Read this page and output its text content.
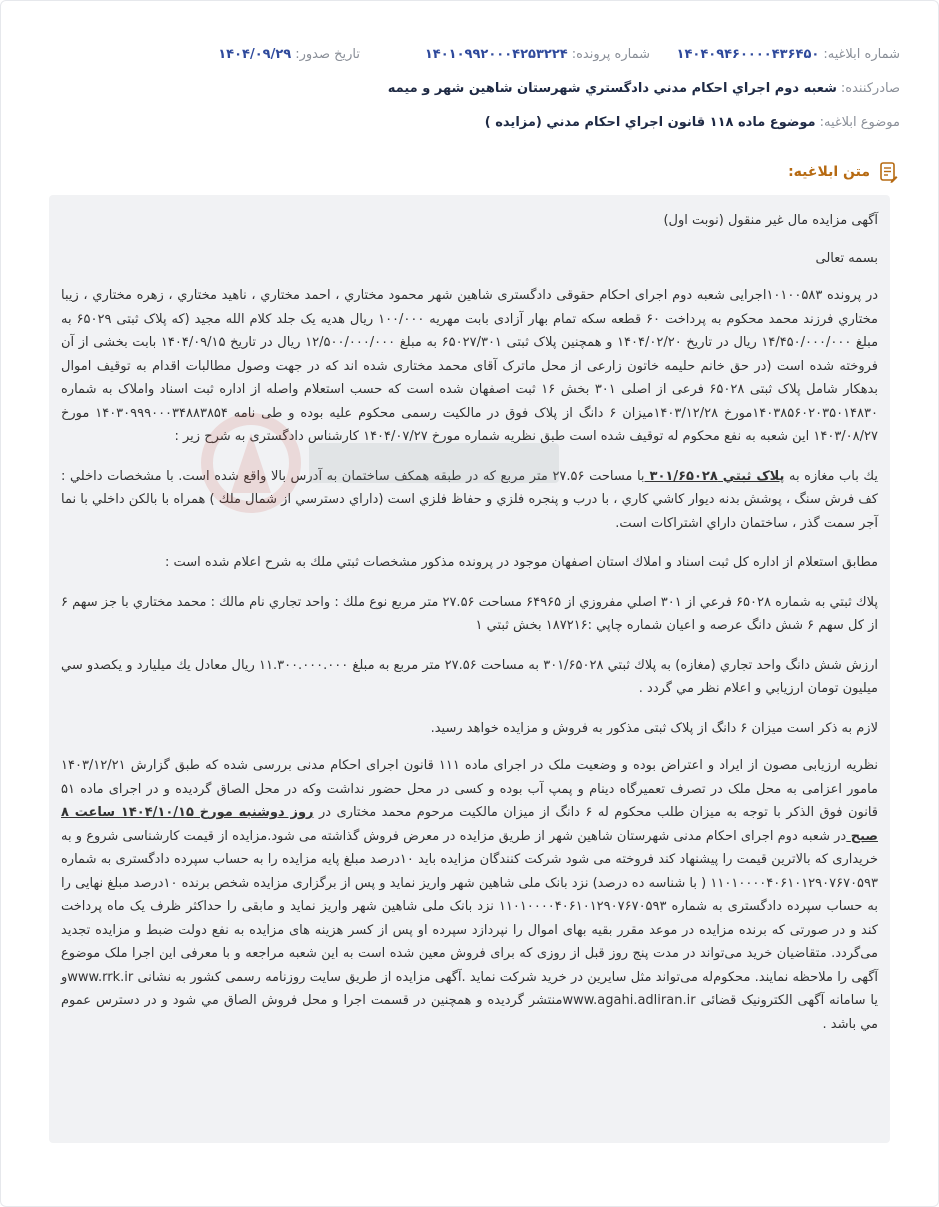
شماره ابلاغيه:
۱۴۰۴۰۹۴۶۰۰۰۰۴۳۶۴۵۰
شماره پرونده:
۱۴۰۱۰۹۹۲۰۰۰۴۲۵۳۲۲۴
تاريخ صدور:
۱۴۰۴/۰۹/۲۹
صادرکننده:
شعبه دوم اجراي احكام مدني دادگستري شهرستان شاهين شهر و ميمه
موضوع ابلاغيه:
موضوع ماده ۱۱۸ قانون اجراي احكام مدني (مزايده )
متن ابلاغيه:

آگهی مزایده مال غیر منقول (نوبت اول)

بسمه تعالی

در پرونده ۱۰۱۰۰۵۸۳اجرایی شعبه دوم اجرای احکام حقوقی دادگستری شاهین شهر محمود مختاري ، احمد مختاري ، ناهيد مختاري ، زهره مختاري ، زیبا مختاري فرزند محمد محکوم به پرداخت ۶۰ قطعه سکه تمام بهار آزادی بابت مهریه ۱۰۰/۰۰۰ ریال هدیه یک جلد کلام الله مجید (که پلاک ثبتی ۶۵۰۲۹ به مبلغ ۱۴/۴۵۰/۰۰۰/۰۰۰ ریال در تاریخ ۱۴۰۴/۰۲/۲۰ و همچنین پلاک ثبتی ۶۵۰۲۷/۳۰۱ به مبلغ ۱۲/۵۰۰/۰۰۰/۰۰۰ ریال در تاریخ ۱۴۰۴/۰۹/۱۵ بابت بخشی از آن فروخته شده است (در حق خانم حلیمه خاتون زارعی از محل ماترک آقای محمد مختاری شده اند که در جهت وصول مطالبات اقدام به توقیف اموال بدهکار شامل پلاک ثبتی ۶۵۰۲۸ فرعی از اصلی ۳۰۱ بخش ۱۶ ثبت اصفهان شده است که حسب استعلام واصله از اداره ثبت اسناد واملاک به شماره ۱۴۰۳۸۵۶۰۲۰۳۵۰۱۴۸۳۰مورخ ۱۴۰۳/۱۲/۲۸میزان ۶ دانگ از پلاک فوق در مالکیت رسمی محکوم علیه بوده و طی نامه ۱۴۰۳۰۹۹۹۰۰۰۳۴۸۸۳۸۵۴ مورخ ۱۴۰۳/۰۸/۲۷ این شعبه به نفع محکوم له توقیف شده است طبق نظریه شماره مورخ ۱۴۰۴/۰۷/۲۷ کارشناس دادگستری به شرح زیر :

يك باب مغازه به پلاک ثبتي ۳۰۱/۶۵۰۲۸ با مساحت ۲۷.۵۶ متر مربع كه در طبقه همكف ساختمان به آدرس بالا واقع شده است. با مشخصات داخلي : كف فرش سنگ ، پوشش بدنه ديوار كاشي كاري ، با درب و پنجره فلزي و حفاظ فلزي است (داراي دسترسي از شمال ملك ) همراه با بالكن داخلي با نما آجر سمت گذر ، ساختمان داراي اشتراكات است.

مطابق استعلام از اداره كل ثبت اسناد و املاك استان اصفهان موجود در پرونده مذكور مشخصات ثبتي ملك به شرح اعلام شده است :

پلاك ثبتي به شماره ۶۵۰۲۸ فرعي از ۳۰۱ اصلي مفروزي از ۶۴۹۶۵ مساحت ۲۷.۵۶ متر مربع نوع ملك : واحد تجاري نام مالك : محمد مختاري با جز سهم ۶ از كل سهم ۶ شش دانگ عرصه و اعيان شماره چاپي :۱۸۷۲۱۶ بخش ثبتي ۱

ارزش شش دانگ واحد تجاري (مغازه) به پلاك ثبتي ۳۰۱/۶۵۰۲۸ به مساحت ۲۷.۵۶ متر مربع به مبلغ ۱۱.۳۰۰.۰۰۰.۰۰۰ ريال معادل يك ميليارد و يكصدو سي ميليون تومان ارزيابي و اعلام نظر مي گردد .

لازم به ذکر است میزان ۶ دانگ از پلاک ثبتی مذکور به فروش و مزایده خواهد رسید.

نظریه ارزیابی مصون از ایراد و اعتراض بوده و وضعیت ملک در اجرای ماده ۱۱۱ قانون اجرای احکام مدنی بررسی شده که طبق گزارش ۱۴۰۳/۱۲/۲۱ مامور اعزامی به محل ملک در تصرف تعمیرگاه دینام و پمپ آب بوده و کسی در محل حضور نداشت وکه در محل الصاق گردیده و در اجرای ماده ۵۱ قانون فوق الذکر با توجه به میزان طلب محکوم له ۶ دانگ از میزان مالکیت مرحوم محمد مختاری در روز دوشنبه مورخ ۱۴۰۴/۱۰/۱۵ ساعت ۸ صبح در شعبه دوم اجرای احکام مدنی شهرستان شاهین شهر از طریق مزایده در معرض فروش گذاشته می شود.مزایده از قیمت کارشناسی شروع و به خریداری که بالاترین قیمت را پیشنهاد کند فروخته می شود شرکت کنندگان مزایده باید ۱۰درصد مبلغ پایه مزایده را به حساب سپرده دادگستری به شماره ۱۱۰۱۰۰۰۰۴۰۶۱۰۱۲۹۰۷۶۷۰۵۹۳ ( با شناسه ده درصد) نزد بانک ملی شاهین شهر واریز نماید و پس از برگزاری مزایده شخص برنده ۱۰درصد مبلغ نهایی را به حساب سپرده دادگستری به شماره ۱۱۰۱۰۰۰۰۴۰۶۱۰۱۲۹۰۷۶۷۰۵۹۳ نزد بانک ملی شاهین شهر واریز نماید و مابقی را حداکثر ظرف یک ماه پرداخت کند و در صورتی که برنده مزایده در موعد مقرر بقیه بهای اموال را نپردازد سپرده او پس از کسر هزینه های مزایده به نفع دولت ضبط و مزایده تجدید می‌گردد. متقاضیان خرید می‌تواند در مدت پنج روز قبل از روزی که برای فروش معین شده است به این شعبه مراجعه و با معرفی این اجرا ملک موضوع آگهی را ملاحظه نمایند. محکوم‌له می‌تواند مثل سایرین در خرید شرکت نماید .آگهی مزایده از طریق سایت روزنامه رسمی کشور به نشانی www.rrk.irو یا سامانه آگهی الکترونیک قضائی www.agahi.adliran.irمنتشر گرديده و همچنين در قسمت اجرا و محل فروش الصاق مي شود و در دسترس عموم مي باشد .
